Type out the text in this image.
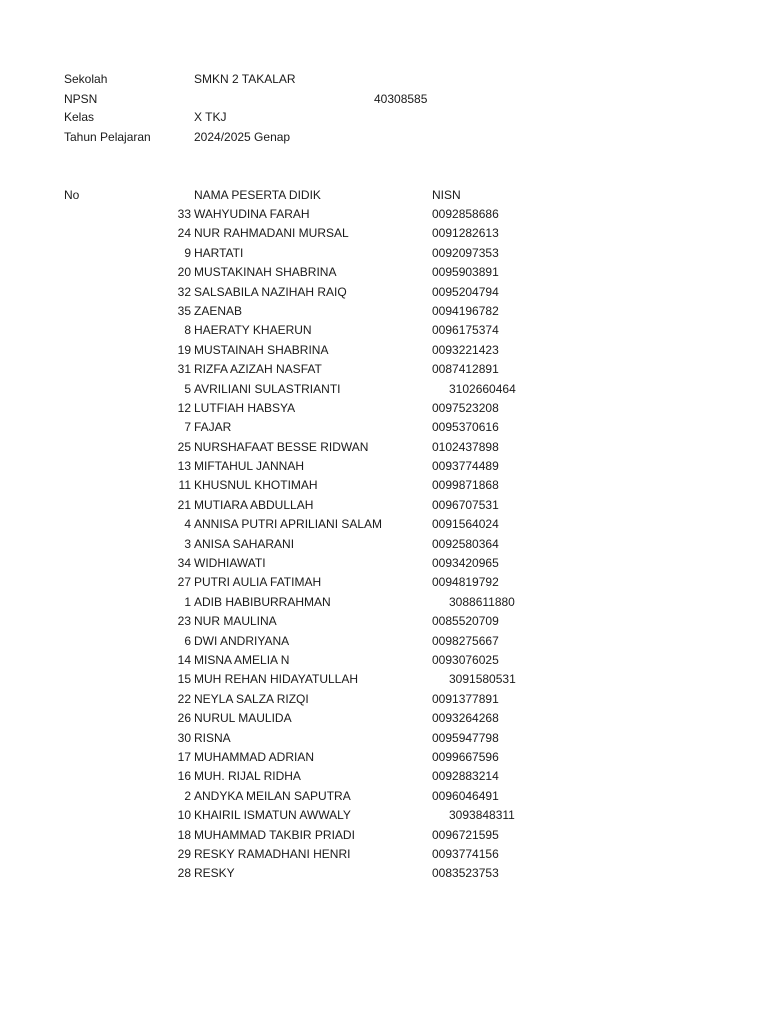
Sekolah	SMKN 2 TAKALAR
NPSN	40308585
Kelas	X TKJ
Tahun Pelajaran	2024/2025 Genap
No	NAMA PESERTA DIDIK	NISN
33 WAHYUDINA FARAH	0092858686
24 NUR RAHMADANI MURSAL	0091282613
9 HARTATI	0092097353
20 MUSTAKINAH SHABRINA	0095903891
32 SALSABILA NAZIHAH RAIQ	0095204794
35 ZAENAB	0094196782
8 HAERATY KHAERUN	0096175374
19 MUSTAINAH SHABRINA	0093221423
31 RIZFA AZIZAH NASFAT	0087412891
5 AVRILIANI SULASTRIANTI	3102660464
12 LUTFIAH HABSYA	0097523208
7 FAJAR	0095370616
25 NURSHAFAAT BESSE RIDWAN	0102437898
13 MIFTAHUL JANNAH	0093774489
11 KHUSNUL KHOTIMAH	0099871868
21 MUTIARA ABDULLAH	0096707531
4 ANNISA PUTRI APRILIANI SALAM	0091564024
3 ANISA SAHARANI	0092580364
34 WIDHIAWATI	0093420965
27 PUTRI AULIA FATIMAH	0094819792
1 ADIB HABIBURRAHMAN	3088611880
23 NUR MAULINA	0085520709
6 DWI ANDRIYANA	0098275667
14 MISNA AMELIA N	0093076025
15 MUH REHAN HIDAYATULLAH	3091580531
22 NEYLA SALZA RIZQI	0091377891
26 NURUL MAULIDA	0093264268
30 RISNA	0095947798
17 MUHAMMAD ADRIAN	0099667596
16 MUH. RIJAL RIDHA	0092883214
2 ANDYKA MEILAN SAPUTRA	0096046491
10 KHAIRIL ISMATUN AWWALY	3093848311
18 MUHAMMAD TAKBIR PRIADI	0096721595
29 RESKY RAMADHANI HENRI	0093774156
28 RESKY	0083523753
